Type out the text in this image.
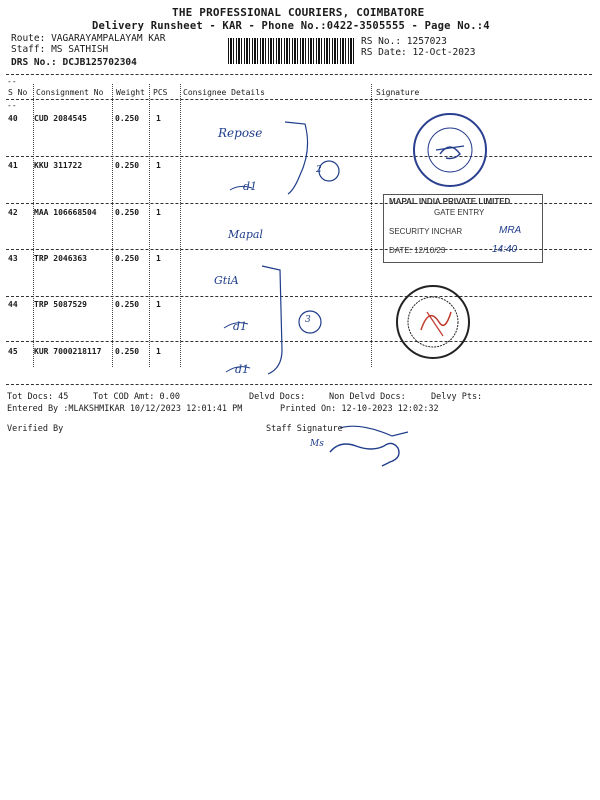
THE PROFESSIONAL COURIERS, COIMBATORE
Delivery Runsheet - KAR - Phone No.:0422-3505555 - Page No.:4
Route: VAGARAYAMPALAYAM KAR
Staff: MS SATHISH
DRS No.: DCJB125702304
RS No.: 1257023
RS Date: 12-Oct-2023
--
S No Consignment No Weight PCS Consignee Details	Signature
--
40 CUD 2084545	0.250 1
41 KKU 311722	0.250 1
42 MAA 106668504 0.250 1
43 TRP 2046363	0.250 1
44 TRP 5087529	0.250 1
45 KUR 7000218117 0.250 1
Repose
d1
2
Mapal
GtiA
d1	3
d1
Ms
MAPAL INDIA PRIVATE LIMITED
GATE ENTRY
SECURITY INCHAR	MRA
DATE: 12/10/23	14:40
Tot Docs: 45	Tot COD Amt: 0.00	Delvd Docs:	Non Delvd Docs:	Delvy Pts:
Entered By :MLAKSHMIKAR 10/12/2023 12:01:41 PM	Printed On: 12-10-2023 12:02:32
Verified By	Staff Signature
